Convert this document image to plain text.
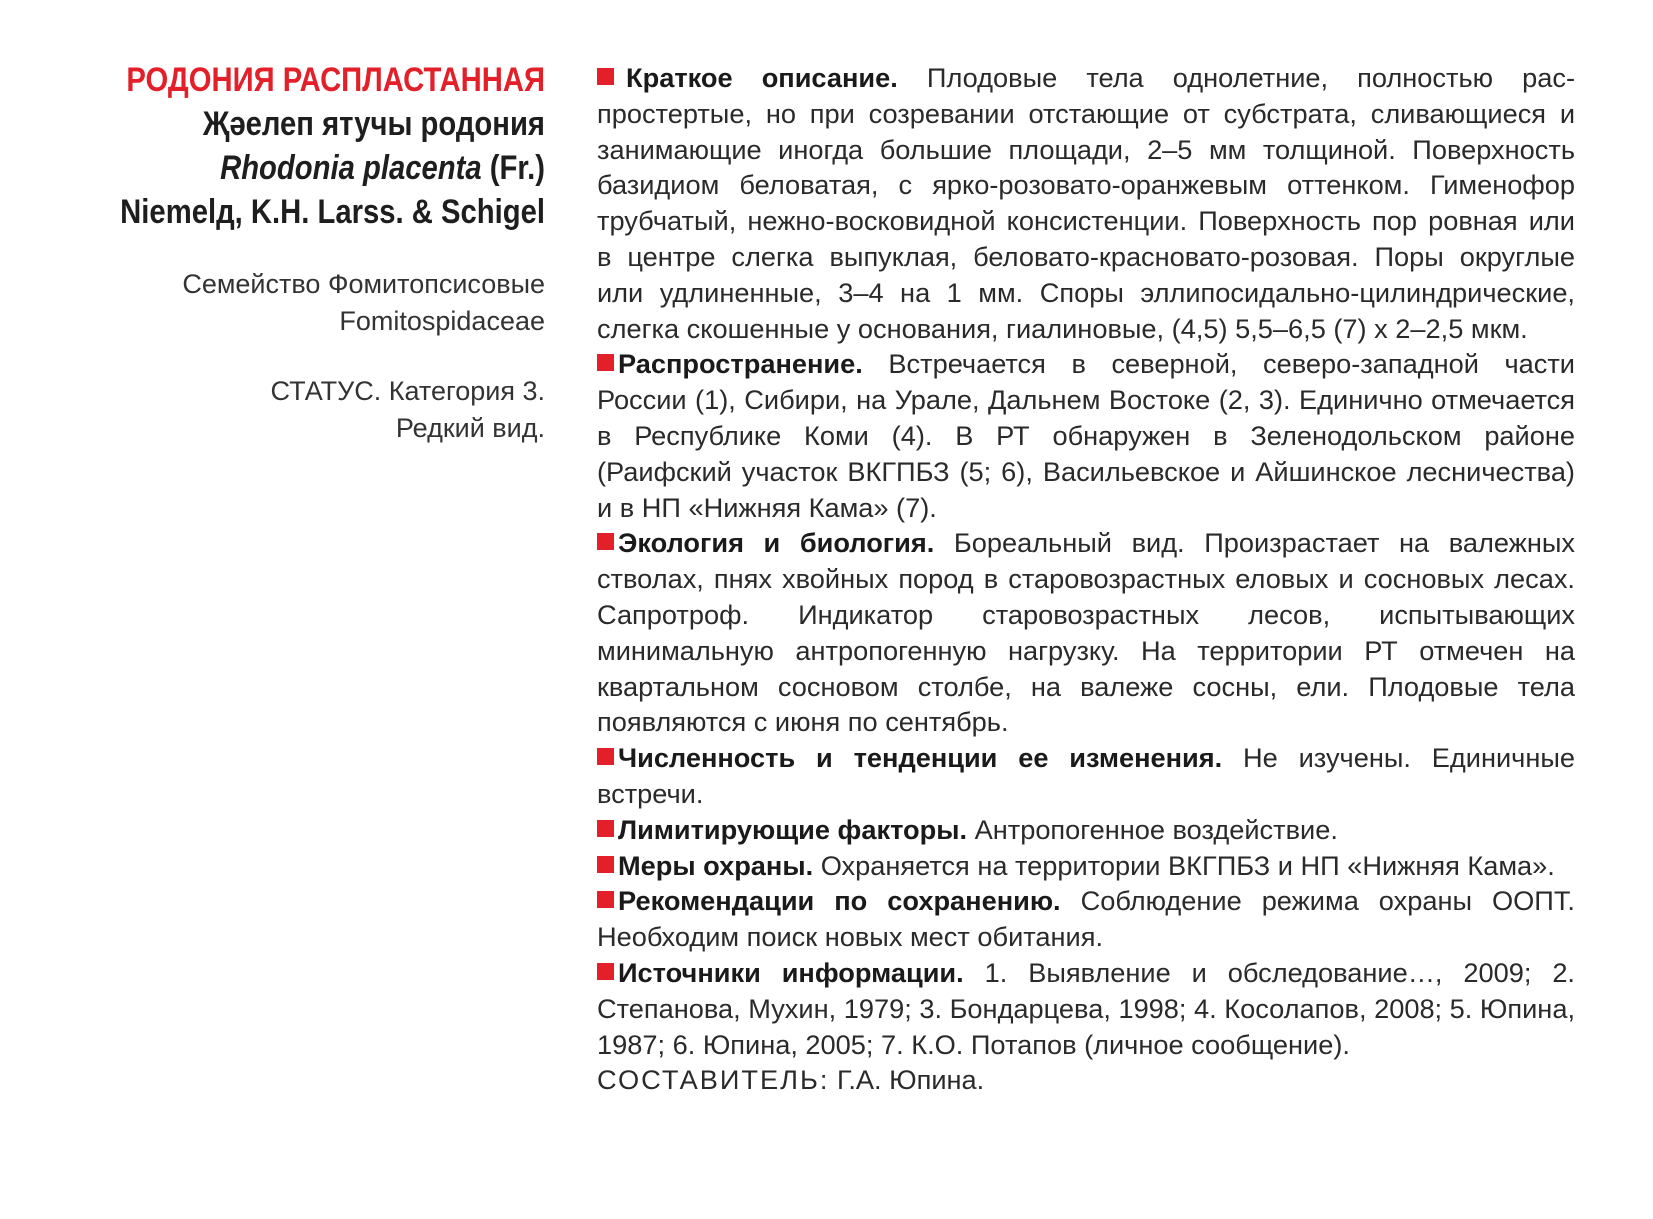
РОДОНИЯ РАСПЛАСТАННАЯ
Җәелеп ятучы родония
Rhodonia placenta (Fr.)
Niemelд, K.H. Larss. & Schigel
Семейство Фомитопсисовые
Fomitospidaceae
СТАТУС. Категория 3.
Редкий вид.

Краткое описание. Плодовые тела однолетние, полностью распростертые, но при созревании отстающие от субстрата, сливающиеся и занимающие иногда большие площади, 2–5 мм толщиной. Поверхность базидиом беловатая, с ярко-розовато-оранжевым оттенком. Гименофор трубчатый, нежно-восковидной консистенции. Поверхность пор ровная или в центре слегка выпуклая, беловато-красновато-розовая. Поры округлые или удлиненные, 3–4 на 1 мм. Споры эллипосидально-цилиндрические, слегка скошенные у основания, гиалиновые, (4,5) 5,5–6,5 (7) х 2–2,5 мкм.

Распространение. Встречается в северной, северо-западной части России (1), Сибири, на Урале, Дальнем Востоке (2, 3). Единично отмечается в Республике Коми (4). В РТ обнаружен в Зеленодольском районе (Раифский участок ВКГПБЗ (5; 6), Васильевское и Айшинское лесничества) и в НП «Нижняя Кама» (7).

Экология и биология. Бореальный вид. Произрастает на валежных стволах, пнях хвойных пород в старовозрастных еловых и сосновых лесах. Сапротроф. Индикатор старовозрастных лесов, испытывающих минимальную антропогенную нагрузку. На территории РТ отмечен на квартальном сосновом столбе, на валеже сосны, ели. Плодовые тела появляются с июня по сентябрь.

Численность и тенденции ее изменения. Не изучены. Единичные встречи.

Лимитирующие факторы. Антропогенное воздействие.

Меры охраны. Охраняется на территории ВКГПБЗ и НП «Нижняя Кама».

Рекомендации по сохранению. Соблюдение режима охраны ООПТ. Необходим поиск новых мест обитания.

Источники информации. 1. Выявление и обследование…, 2009; 2. Степанова, Мухин, 1979; 3. Бондарцева, 1998; 4. Косолапов, 2008; 5. Юпина, 1987; 6. Юпина, 2005; 7. К.О. Потапов (личное сообщение).

СОСТАВИТЕЛЬ: Г.А. Юпина.
